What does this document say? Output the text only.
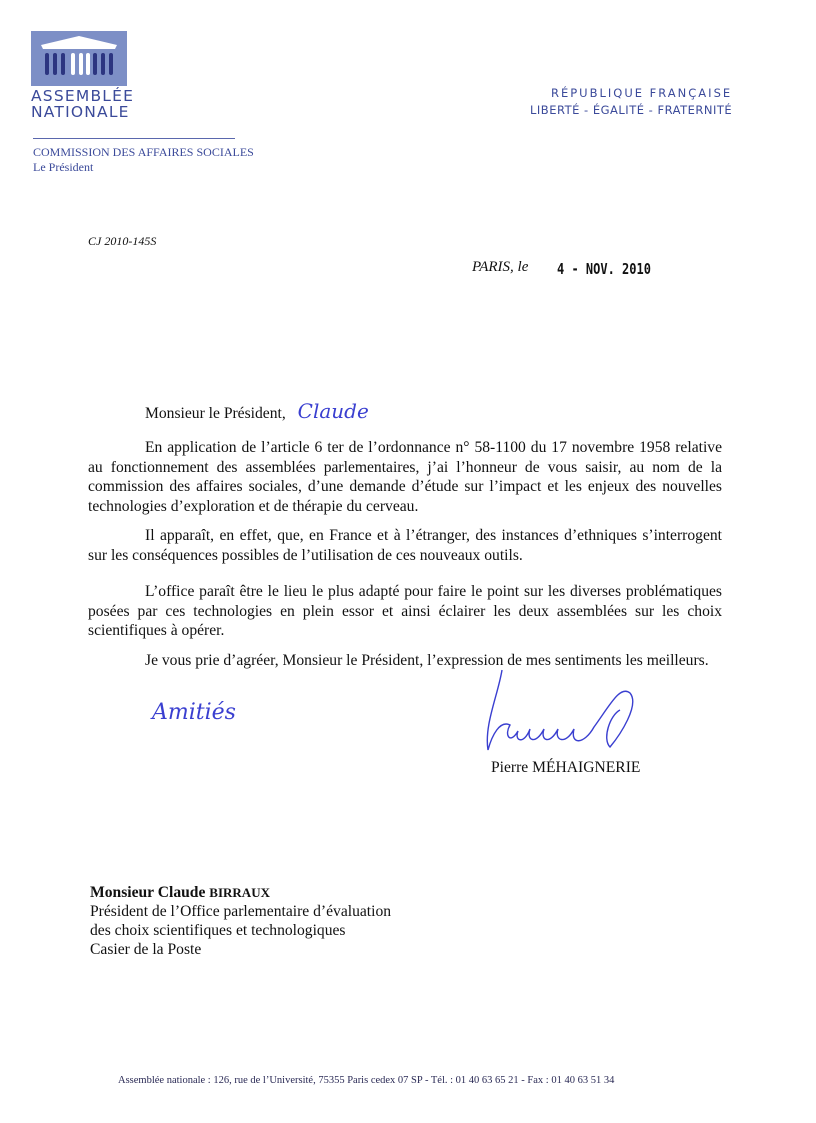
ASSEMBLÉE
NATIONALE
COMMISSION DES AFFAIRES SOCIALES
Le Président
RÉPUBLIQUE FRANÇAISE
LIBERTÉ - ÉGALITÉ - FRATERNITÉ
CJ 2010-145S
PARIS, le 4 - NOV. 2010
Monsieur le Président, Claude
En application de l’article 6 ter de l’ordonnance n° 58-1100 du 17 novembre 1958 relative au fonctionnement des assemblées parlementaires, j’ai l’honneur de vous saisir, au nom de la commission des affaires sociales, d’une demande d’étude sur l’impact et les enjeux des nouvelles technologies d’exploration et de thérapie du cerveau.
Il apparaît, en effet, que, en France et à l’étranger, des instances d’ethniques s’interrogent sur les conséquences possibles de l’utilisation de ces nouveaux outils.
L’office paraît être le lieu le plus adapté pour faire le point sur les diverses problématiques posées par ces technologies en plein essor et ainsi éclairer les deux assemblées sur les choix scientifiques à opérer.
Je vous prie d’agréer, Monsieur le Président, l’expression de mes sentiments les meilleurs.
Amitiés
Pierre MÉHAIGNERIE
Monsieur Claude BIRRAUX
Président de l’Office parlementaire d’évaluation
des choix scientifiques et technologiques
Casier de la Poste
Assemblée nationale : 126, rue de l’Université, 75355 Paris cedex 07 SP - Tél. : 01 40 63 65 21 - Fax : 01 40 63 51 34
